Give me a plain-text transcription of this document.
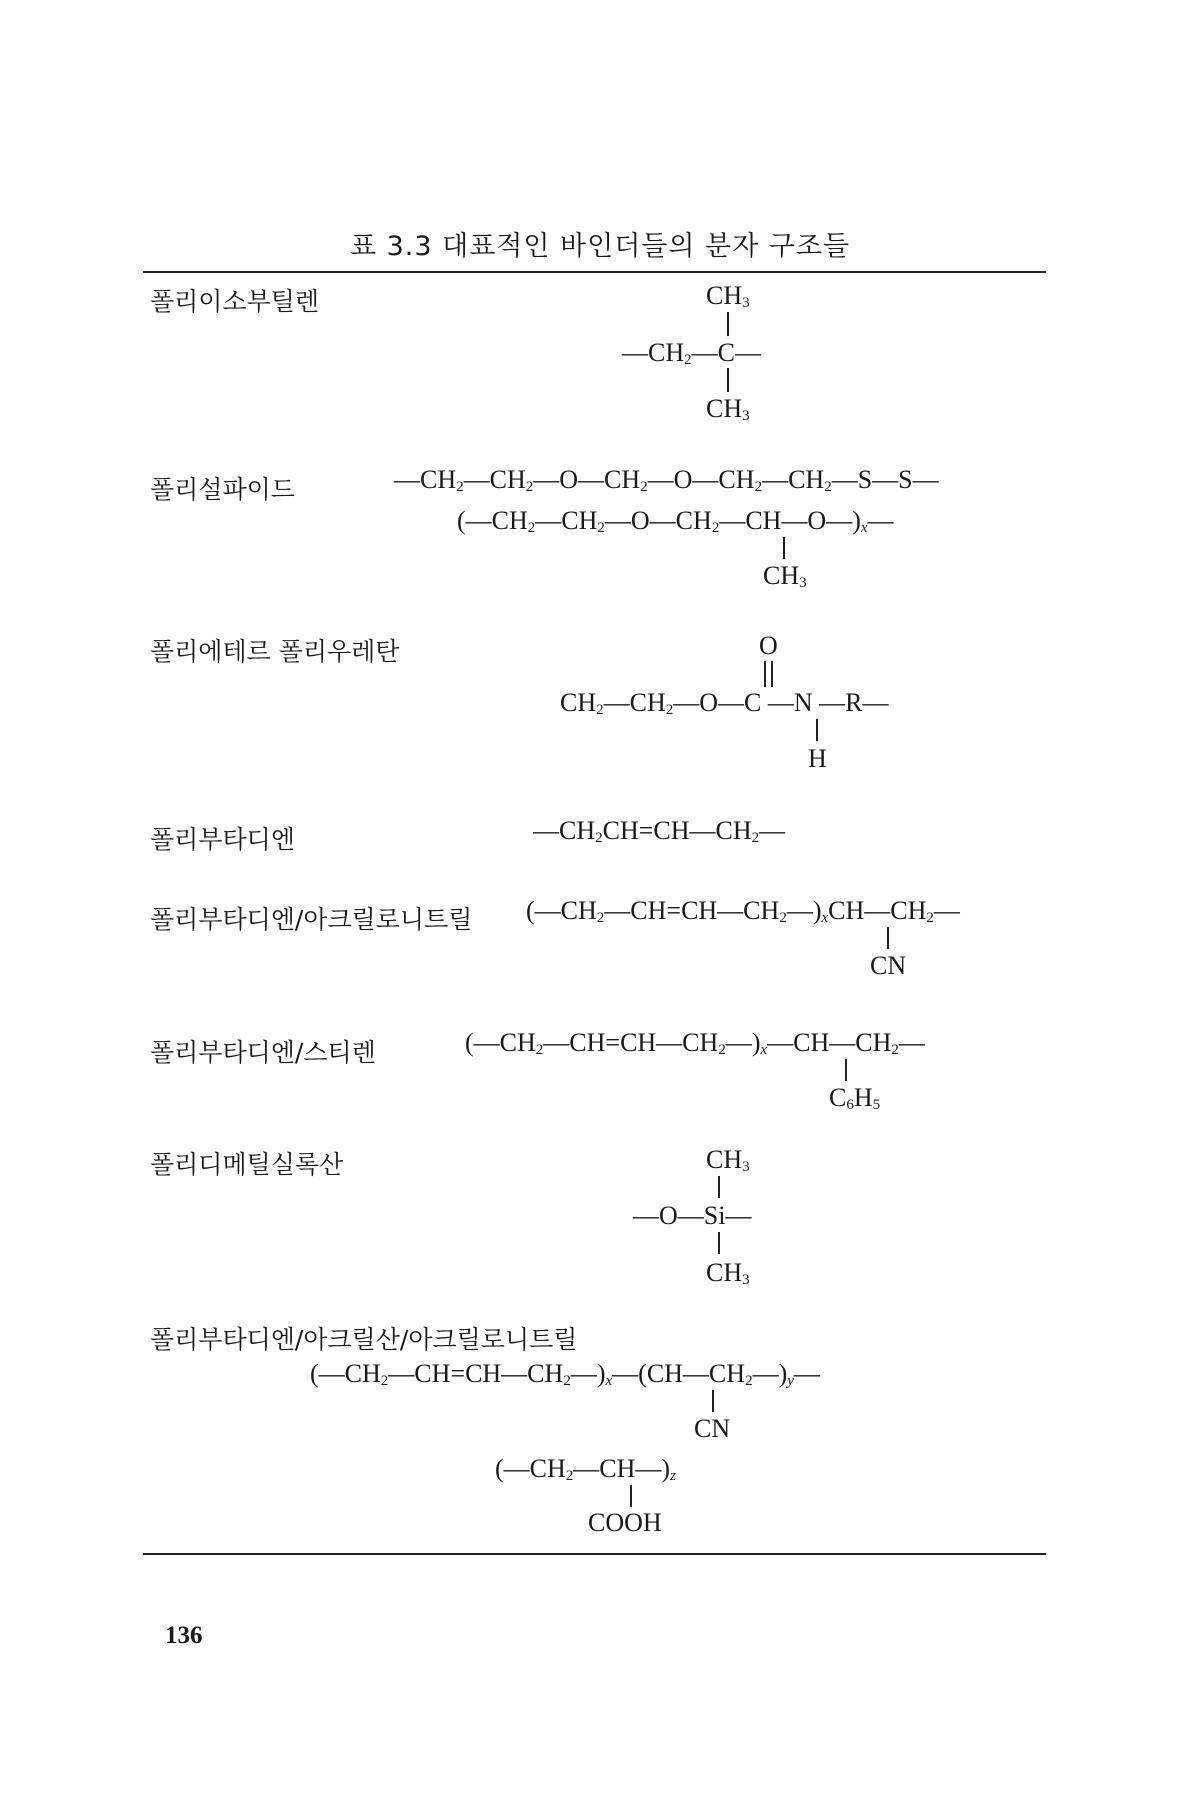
표 3.3 대표적인 바인더들의 분자 구조들
폴리이소부틸렌	$CH_3$
$—CH_2—C—$
$CH_3$
폴리설파이드	$—CH_2—CH_2—O—CH_2—O—CH_2—CH_2—S—S—$
$(—CH_2—CH_2—O—CH_2—CH—O—)_x—$
$CH_3$
폴리에테르 폴리우레탄	O
$CH_2—CH_2—O—C$ —N —R—
H
폴리부타디엔	$—CH_2CH=CH—CH_2—$
폴리부타디엔/아크릴로니트릴 $(—CH_2—CH=CH—CH_2—)_xCH—CH_2—$
CN
폴리부타디엔/스티렌	$(—CH_2—CH=CH—CH_2—)_x—CH—CH_2—$
$C_6H_5$
폴리디메틸실록산	$CH_3$
—O—Si—
$CH_3$
폴리부타디엔/아크릴산/아크릴로니트릴
$(—CH_2—CH=CH—CH_2—)_x—(CH—CH_2—)_y—$
CN
$(—CH_2—CH—)_z$
COOH
136
